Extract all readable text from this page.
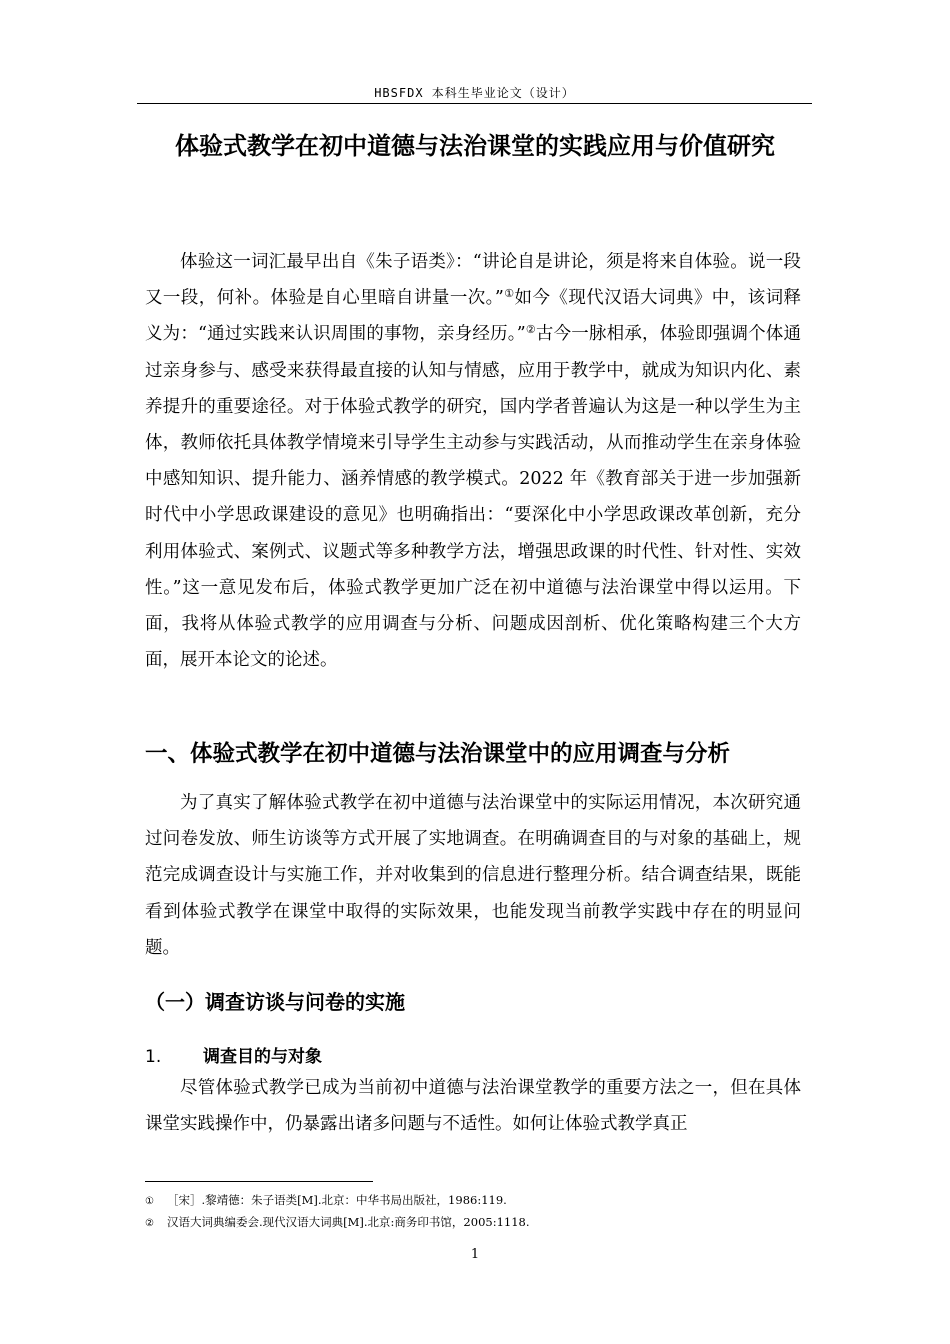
HBSFDX 本科生毕业论文（设计）
体验式教学在初中道德与法治课堂的实践应用与价值研究

体验这一词汇最早出自《朱子语类》：“讲论自是讲论，须是将来自体验。说一段又一段，何补。体验是自心里暗自讲量一次。”①如今《现代汉语大词典》中，该词释义为：“通过实践来认识周围的事物，亲身经历。”②古今一脉相承，体验即强调个体通过亲身参与、感受来获得最直接的认知与情感，应用于教学中，就成为知识内化、素养提升的重要途径。对于体验式教学的研究，国内学者普遍认为这是一种以学生为主体，教师依托具体教学情境来引导学生主动参与实践活动，从而推动学生在亲身体验中感知知识、提升能力、涵养情感的教学模式。2022 年《教育部关于进一步加强新时代中小学思政课建设的意见》也明确指出：“要深化中小学思政课改革创新，充分利用体验式、案例式、议题式等多种教学方法，增强思政课的时代性、针对性、实效性。”这一意见发布后，体验式教学更加广泛在初中道德与法治课堂中得以运用。下面，我将从体验式教学的应用调查与分析、问题成因剖析、优化策略构建三个大方面，展开本论文的论述。

一、体验式教学在初中道德与法治课堂中的应用调查与分析

为了真实了解体验式教学在初中道德与法治课堂中的实际运用情况，本次研究通过问卷发放、师生访谈等方式开展了实地调查。在明确调查目的与对象的基础上，规范完成调查设计与实施工作，并对收集到的信息进行整理分析。结合调查结果，既能看到体验式教学在课堂中取得的实际效果，也能发现当前教学实践中存在的明显问题。

（一）调查访谈与问卷的实施
1. 调查目的与对象

尽管体验式教学已成为当前初中道德与法治课堂教学的重要方法之一，但在具体课堂实践操作中，仍暴露出诸多问题与不适性。如何让体验式教学真正

① ［宋］.黎靖德：朱子语类[M].北京：中华书局出版社，1986:119.
② 汉语大词典编委会.现代汉语大词典[M].北京:商务印书馆，2005:1118.
1
